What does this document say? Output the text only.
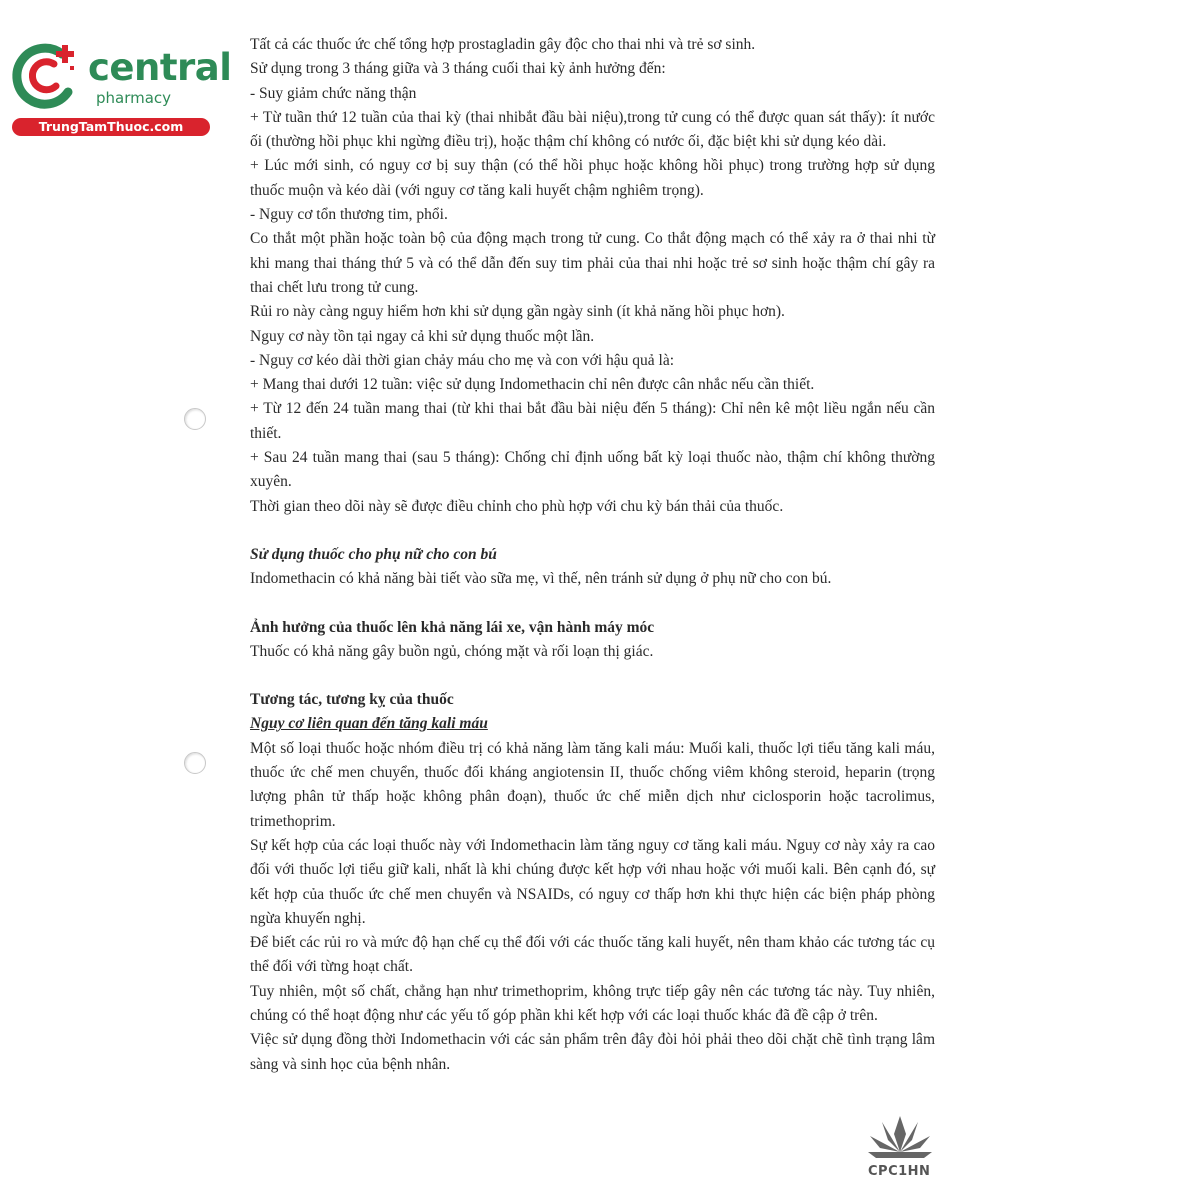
central
pharmacy
TrungTamThuoc.com

Tất cả các thuốc ức chế tổng hợp prostagladin gây độc cho thai nhi và trẻ sơ sinh.

Sử dụng trong 3 tháng giữa và 3 tháng cuối thai kỳ ảnh hưởng đến:

- Suy giảm chức năng thận

+ Từ tuần thứ 12 tuần của thai kỳ (thai nhibắt đầu bài niệu),trong tử cung có thể được quan sát thấy): ít nước ối (thường hồi phục khi ngừng điều trị), hoặc thậm chí không có nước ối, đặc biệt khi sử dụng kéo dài.

+ Lúc mới sinh, có nguy cơ bị suy thận (có thể hồi phục hoặc không hồi phục) trong trường hợp sử dụng thuốc muộn và kéo dài (với nguy cơ tăng kali huyết chậm nghiêm trọng).

- Nguy cơ tổn thương tim, phổi.

Co thắt một phần hoặc toàn bộ của động mạch trong tử cung. Co thắt động mạch có thể xảy ra ở thai nhi từ khi mang thai tháng thứ 5 và có thể dẫn đến suy tim phải của thai nhi hoặc trẻ sơ sinh hoặc thậm chí gây ra thai chết lưu trong tử cung.

Rủi ro này càng nguy hiểm hơn khi sử dụng gần ngày sinh (ít khả năng hồi phục hơn).

Nguy cơ này tồn tại ngay cả khi sử dụng thuốc một lần.

- Nguy cơ kéo dài thời gian chảy máu cho mẹ và con với hậu quả là:

+ Mang thai dưới 12 tuần: việc sử dụng Indomethacin chỉ nên được cân nhắc nếu cần thiết.

+ Từ 12 đến 24 tuần mang thai (từ khi thai bắt đầu bài niệu đến 5 tháng): Chỉ nên kê một liều ngắn nếu cần thiết.

+ Sau 24 tuần mang thai (sau 5 tháng): Chống chỉ định uống bất kỳ loại thuốc nào, thậm chí không thường xuyên.

Thời gian theo dõi này sẽ được điều chỉnh cho phù hợp với chu kỳ bán thải của thuốc.

Sử dụng thuốc cho phụ nữ cho con bú

Indomethacin có khả năng bài tiết vào sữa mẹ, vì thế, nên tránh sử dụng ở phụ nữ cho con bú.

Ảnh hưởng của thuốc lên khả năng lái xe, vận hành máy móc

Thuốc có khả năng gây buồn ngủ, chóng mặt và rối loạn thị giác.

Tương tác, tương kỵ của thuốc

Nguy cơ liên quan đến tăng kali máu

Một số loại thuốc hoặc nhóm điều trị có khả năng làm tăng kali máu: Muối kali, thuốc lợi tiểu tăng kali máu, thuốc ức chế men chuyển, thuốc đối kháng angiotensin II, thuốc chống viêm không steroid, heparin (trọng lượng phân tử thấp hoặc không phân đoạn), thuốc ức chế miễn dịch như ciclosporin hoặc tacrolimus, trimethoprim.

Sự kết hợp của các loại thuốc này với Indomethacin làm tăng nguy cơ tăng kali máu. Nguy cơ này xảy ra cao đối với thuốc lợi tiểu giữ kali, nhất là khi chúng được kết hợp với nhau hoặc với muối kali. Bên cạnh đó, sự kết hợp của thuốc ức chế men chuyển và NSAIDs, có nguy cơ thấp hơn khi thực hiện các biện pháp phòng ngừa khuyến nghị.

Để biết các rủi ro và mức độ hạn chế cụ thể đối với các thuốc tăng kali huyết, nên tham khảo các tương tác cụ thể đối với từng hoạt chất.

Tuy nhiên, một số chất, chẳng hạn như trimethoprim, không trực tiếp gây nên các tương tác này. Tuy nhiên, chúng có thể hoạt động như các yếu tố góp phần khi kết hợp với các loại thuốc khác đã đề cập ở trên.

Việc sử dụng đồng thời Indomethacin với các sản phẩm trên đây đòi hỏi phải theo dõi chặt chẽ tình trạng lâm sàng và sinh học của bệnh nhân.

CPC1HN
